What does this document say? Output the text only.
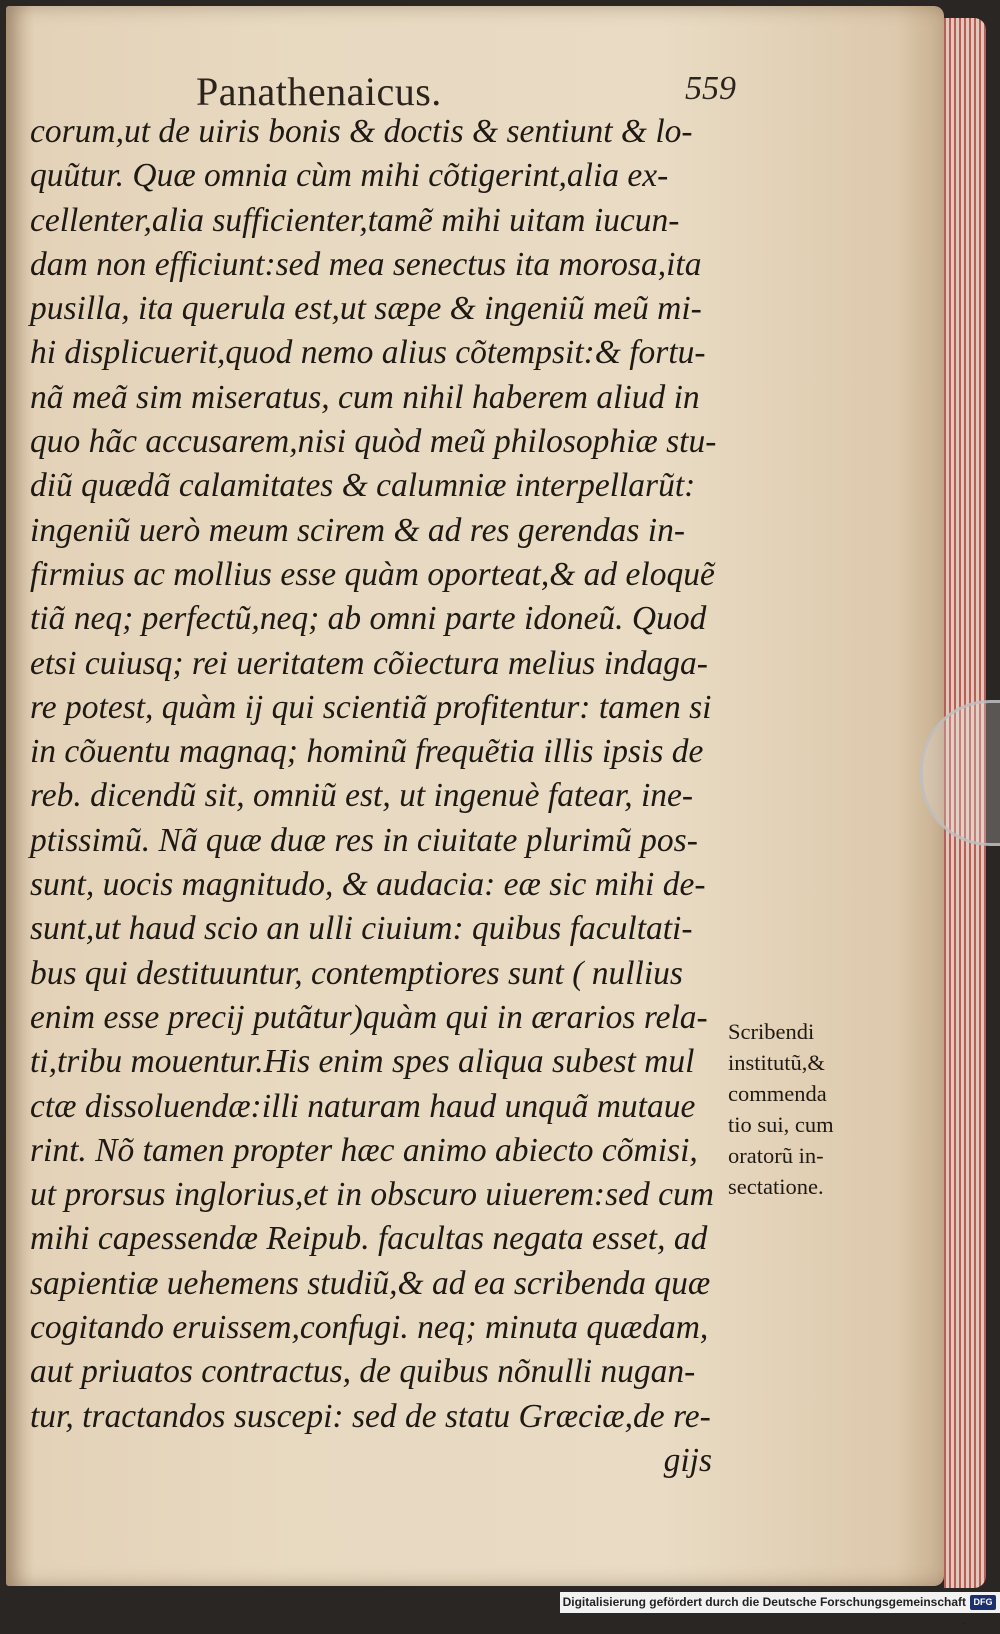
Panathenaicus.	559
corum,ut de uiris bonis & doctis & sentiunt & lo-
quũtur. Quæ omnia cùm mihi cõtigerint,alia ex-
cellenter,alia sufficienter,tamẽ mihi uitam iucun-
dam non efficiunt:sed mea senectus ita morosa,ita
pusilla, ita querula est,ut sæpe & ingeniũ meũ mi-
hi displicuerit,quod nemo alius cõtempsit:& fortu-
nã meã sim miseratus, cum nihil haberem aliud in
quo hãc accusarem,nisi quòd meũ philosophiæ stu-
diũ quædã calamitates & calumniæ interpellarũt:
ingeniũ uerò meum scirem & ad res gerendas in-
firmius ac mollius esse quàm oporteat,& ad eloquẽ
tiã neq; perfectũ,neq; ab omni parte idoneũ. Quod
etsi cuiusq; rei ueritatem cõiectura melius indaga-
re potest, quàm ij qui scientiã profitentur: tamen si
in cõuentu magnaq; hominũ frequẽtia illis ipsis de
reb. dicendũ sit, omniũ est, ut ingenuè fatear, ine-
ptissimũ. Nã quæ duæ res in ciuitate plurimũ pos-
sunt, uocis magnitudo, & audacia: eæ sic mihi de-
sunt,ut haud scio an ulli ciuium: quibus facultati-
bus qui destituuntur, contemptiores sunt ( nullius
enim esse precij putãtur)quàm qui in ærarios rela-
ti,tribu mouentur.His enim spes aliqua subest mul
ctæ dissoluendæ:illi naturam haud unquã mutaue
rint. Nõ tamen propter hæc animo abiecto cõmisi,
ut prorsus inglorius,et in obscuro uiuerem:sed cum
mihi capessendæ Reipub. facultas negata esset, ad
sapientiæ uehemens studiũ,& ad ea scribenda quæ
cogitando eruissem,confugi. neq; minuta quædam,
aut priuatos contractus, de quibus nõnulli nugan-
tur, tractandos suscepi: sed de statu Græciæ,de re-
gijs
Scribendi
institutũ,&
commenda
tio sui, cum
oratorũ in-
sectatione.
Digitalisierung gefördert durch die Deutsche Forschungsgemeinschaft -
DFG
